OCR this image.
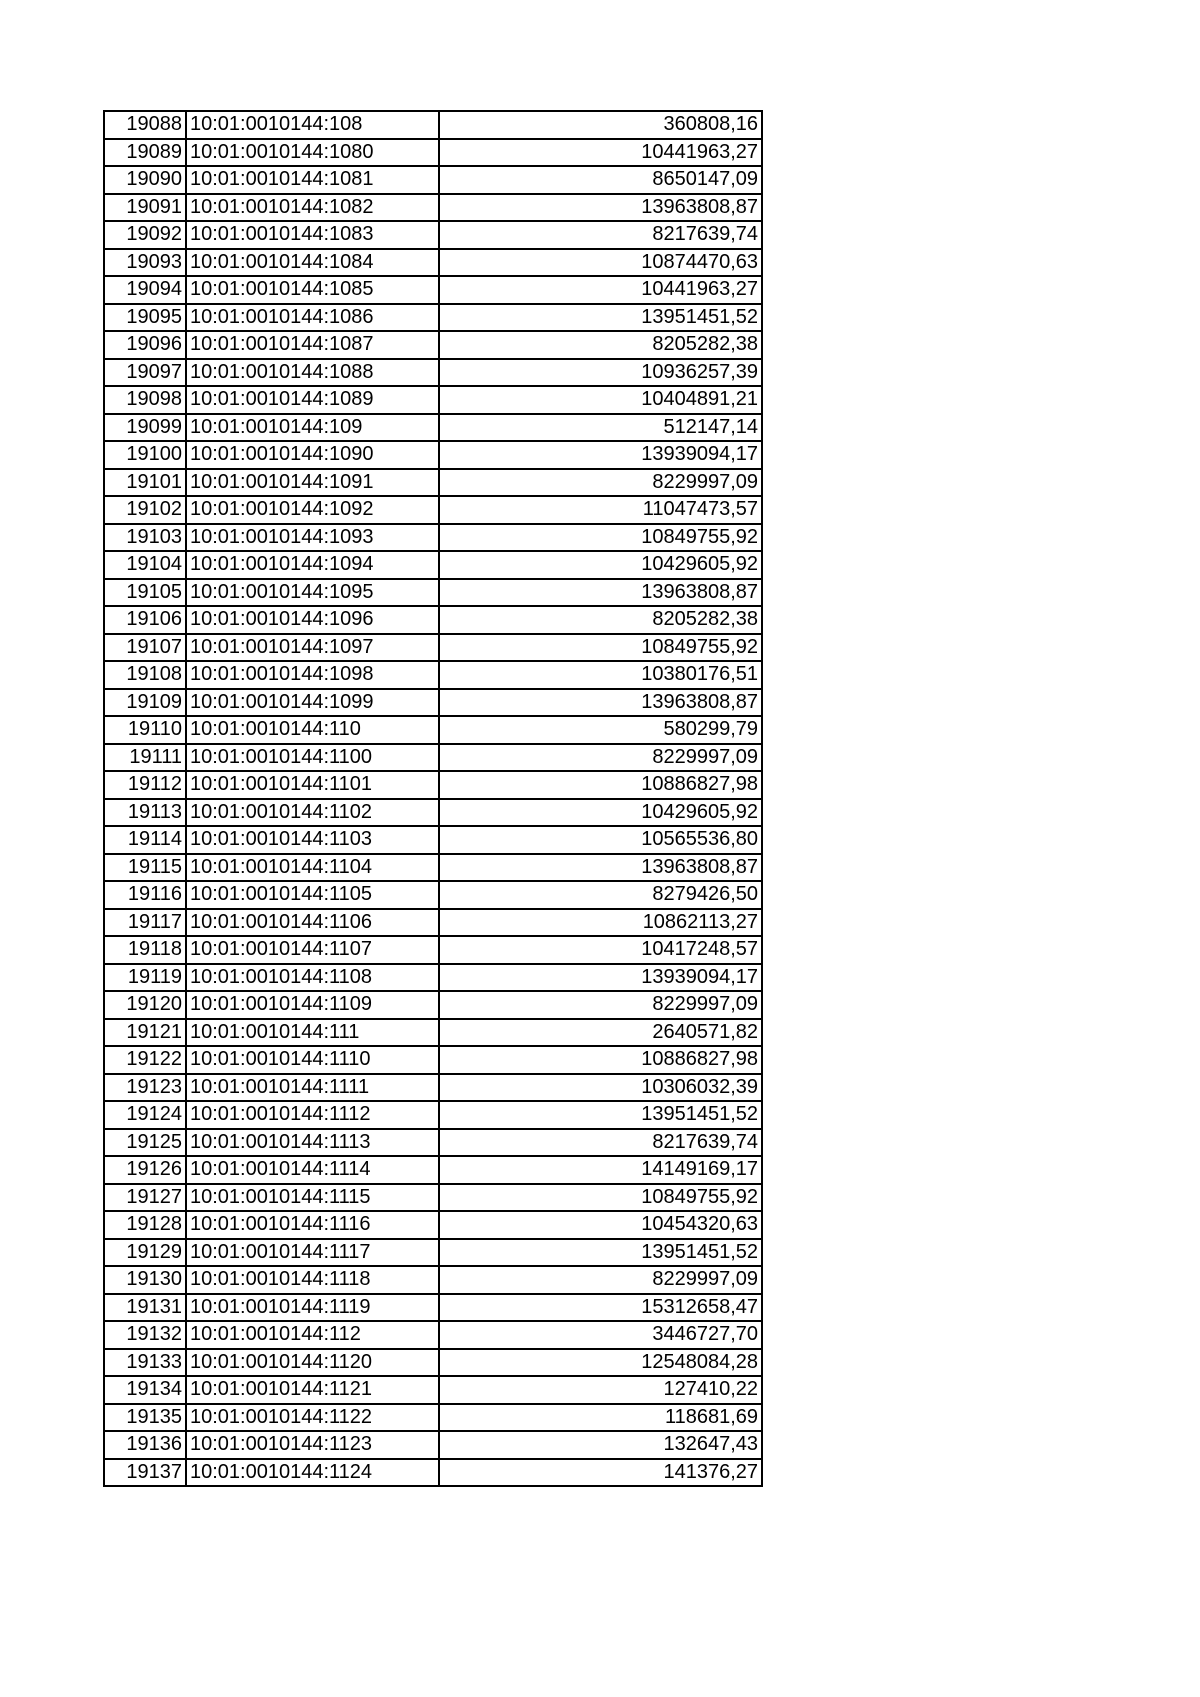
19088	10:01:0010144:108	360808,16
19089	10:01:0010144:1080	10441963,27
19090	10:01:0010144:1081	8650147,09
19091	10:01:0010144:1082	13963808,87
19092	10:01:0010144:1083	8217639,74
19093	10:01:0010144:1084	10874470,63
19094	10:01:0010144:1085	10441963,27
19095	10:01:0010144:1086	13951451,52
19096	10:01:0010144:1087	8205282,38
19097	10:01:0010144:1088	10936257,39
19098	10:01:0010144:1089	10404891,21
19099	10:01:0010144:109	512147,14
19100	10:01:0010144:1090	13939094,17
19101	10:01:0010144:1091	8229997,09
19102	10:01:0010144:1092	11047473,57
19103	10:01:0010144:1093	10849755,92
19104	10:01:0010144:1094	10429605,92
19105	10:01:0010144:1095	13963808,87
19106	10:01:0010144:1096	8205282,38
19107	10:01:0010144:1097	10849755,92
19108	10:01:0010144:1098	10380176,51
19109	10:01:0010144:1099	13963808,87
19110	10:01:0010144:110	580299,79
19111	10:01:0010144:1100	8229997,09
19112	10:01:0010144:1101	10886827,98
19113	10:01:0010144:1102	10429605,92
19114	10:01:0010144:1103	10565536,80
19115	10:01:0010144:1104	13963808,87
19116	10:01:0010144:1105	8279426,50
19117	10:01:0010144:1106	10862113,27
19118	10:01:0010144:1107	10417248,57
19119	10:01:0010144:1108	13939094,17
19120	10:01:0010144:1109	8229997,09
19121	10:01:0010144:111	2640571,82
19122	10:01:0010144:1110	10886827,98
19123	10:01:0010144:1111	10306032,39
19124	10:01:0010144:1112	13951451,52
19125	10:01:0010144:1113	8217639,74
19126	10:01:0010144:1114	14149169,17
19127	10:01:0010144:1115	10849755,92
19128	10:01:0010144:1116	10454320,63
19129	10:01:0010144:1117	13951451,52
19130	10:01:0010144:1118	8229997,09
19131	10:01:0010144:1119	15312658,47
19132	10:01:0010144:112	3446727,70
19133	10:01:0010144:1120	12548084,28
19134	10:01:0010144:1121	127410,22
19135	10:01:0010144:1122	118681,69
19136	10:01:0010144:1123	132647,43
19137	10:01:0010144:1124	141376,27
